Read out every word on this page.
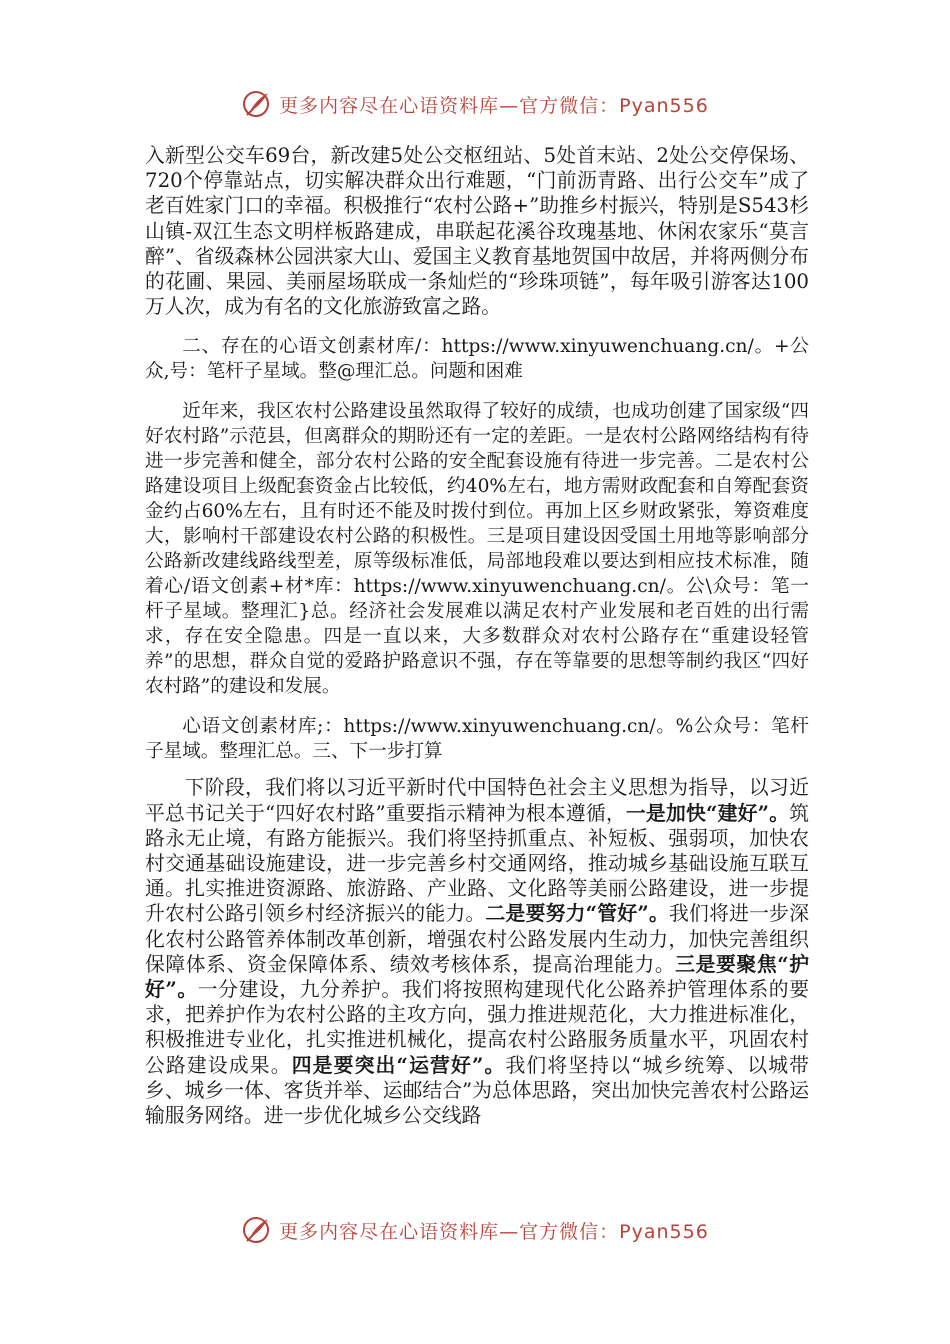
更多内容尽在心语资料库—官方微信：Pyan556

入新型公交车69台，新改建5处公交枢纽站、5处首末站、2处公交停保场、720个停靠站点，切实解决群众出行难题，“门前沥青路、出行公交车”成了老百姓家门口的幸福。积极推行“农村公路+”助推乡村振兴，特别是S543杉山镇-双江生态文明样板路建成，串联起花溪谷玫瑰基地、休闲农家乐“莫言醉”、省级森林公园洪家大山、爱国主义教育基地贺国中故居，并将两侧分布的花圃、果园、美丽屋场联成一条灿烂的“珍珠项链”，每年吸引游客达100万人次，成为有名的文化旅游致富之路。

二、存在的心语文创素材库/：https://www.xinyuwenchuang.cn/。+公众,号：笔杆子星域。整@理汇总。问题和困难

近年来，我区农村公路建设虽然取得了较好的成绩，也成功创建了国家级“四好农村路”示范县，但离群众的期盼还有一定的差距。一是农村公路网络结构有待进一步完善和健全，部分农村公路的安全配套设施有待进一步完善。二是农村公路建设项目上级配套资金占比较低，约40%左右，地方需财政配套和自筹配套资金约占60%左右，且有时还不能及时拨付到位。再加上区乡财政紧张，筹资难度大，影响村干部建设农村公路的积极性。三是项目建设因受国土用地等影响部分公路新改建线路线型差，原等级标准低，局部地段难以要达到相应技术标准，随着心/语文创素+材*库：https://www.xinyuwenchuang.cn/。公\众号：笔一杆子星域。整理汇}总。经济社会发展难以满足农村产业发展和老百姓的出行需求，存在安全隐患。四是一直以来，大多数群众对农村公路存在“重建设轻管养”的思想，群众自觉的爱路护路意识不强，存在等靠要的思想等制约我区“四好农村路”的建设和发展。

心语文创素材库;：https://www.xinyuwenchuang.cn/。%公众号：笔杆子星域。整理汇总。三、下一步打算

下阶段，我们将以习近平新时代中国特色社会主义思想为指导，以习近平总书记关于“四好农村路”重要指示精神为根本遵循，一是加快“建好”。筑路永无止境，有路方能振兴。我们将坚持抓重点、补短板、强弱项，加快农村交通基础设施建设，进一步完善乡村交通网络，推动城乡基础设施互联互通。扎实推进资源路、旅游路、产业路、文化路等美丽公路建设，进一步提升农村公路引领乡村经济振兴的能力。二是要努力“管好”。我们将进一步深化农村公路管养体制改革创新，增强农村公路发展内生动力，加快完善组织保障体系、资金保障体系、绩效考核体系，提高治理能力。三是要聚焦“护好”。一分建设，九分养护。我们将按照构建现代化公路养护管理体系的要求，把养护作为农村公路的主攻方向，强力推进规范化，大力推进标准化，积极推进专业化，扎实推进机械化，提高农村公路服务质量水平，巩固农村公路建设成果。四是要突出“运营好”。我们将坚持以“城乡统筹、以城带乡、城乡一体、客货并举、运邮结合”为总体思路，突出加快完善农村公路运输服务网络。进一步优化城乡公交线路

更多内容尽在心语资料库—官方微信：Pyan556
